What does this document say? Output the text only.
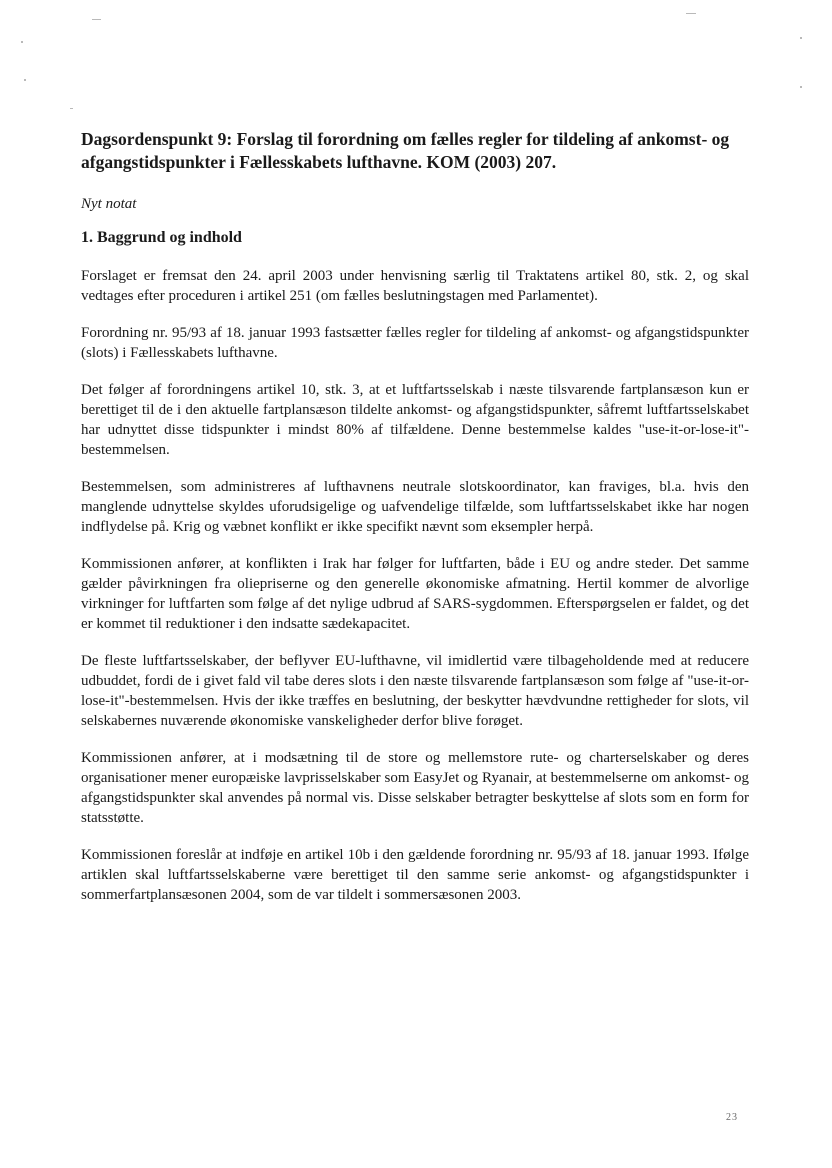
Dagsordenspunkt 9: Forslag til forordning om fælles regler for tildeling af ankomst- og afgangstidspunkter i Fællesskabets lufthavne. KOM (2003) 207.

Nyt notat

1. Baggrund og indhold

Forslaget er fremsat den 24. april 2003 under henvisning særlig til Traktatens artikel 80, stk. 2, og skal vedtages efter proceduren i artikel 251 (om fælles beslutningstagen med Parlamentet).

Forordning nr. 95/93 af 18. januar 1993 fastsætter fælles regler for tildeling af ankomst- og afgangstidspunkter (slots) i Fællesskabets lufthavne.

Det følger af forordningens artikel 10, stk. 3, at et luftfartsselskab i næste tilsvarende fartplansæson kun er berettiget til de i den aktuelle fartplansæson tildelte ankomst- og afgangstidspunkter, såfremt luftfartsselskabet har udnyttet disse tidspunkter i mindst 80% af tilfældene. Denne bestemmelse kaldes "use-it-or-lose-it"-bestemmelsen.

Bestemmelsen, som administreres af lufthavnens neutrale slotskoordinator, kan fraviges, bl.a. hvis den manglende udnyttelse skyldes uforudsigelige og uafvendelige tilfælde, som luftfartsselskabet ikke har nogen indflydelse på. Krig og væbnet konflikt er ikke specifikt nævnt som eksempler herpå.

Kommissionen anfører, at konflikten i Irak har følger for luftfarten, både i EU og andre steder. Det samme gælder påvirkningen fra oliepriserne og den generelle økonomiske afmatning. Hertil kommer de alvorlige virkninger for luftfarten som følge af det nylige udbrud af SARS-sygdommen. Efterspørgselen er faldet, og det er kommet til reduktioner i den indsatte sædekapacitet.

De fleste luftfartsselskaber, der beflyver EU-lufthavne, vil imidlertid være tilbageholdende med at reducere udbuddet, fordi de i givet fald vil tabe deres slots i den næste tilsvarende fartplansæson som følge af "use-it-or-lose-it"-bestemmelsen. Hvis der ikke træffes en beslutning, der beskytter hævdvundne rettigheder for slots, vil selskabernes nuværende økonomiske vanskeligheder derfor blive forøget.

Kommissionen anfører, at i modsætning til de store og mellemstore rute- og charterselskaber og deres organisationer mener europæiske lavprisselskaber som EasyJet og Ryanair, at bestemmelserne om ankomst- og afgangstidspunkter skal anvendes på normal vis. Disse selskaber betragter beskyttelse af slots som en form for statsstøtte.

Kommissionen foreslår at indføje en artikel 10b i den gældende forordning nr. 95/93 af 18. januar 1993. Ifølge artiklen skal luftfartsselskaberne være berettiget til den samme serie ankomst- og afgangstidspunkter i sommerfartplansæsonen 2004, som de var tildelt i sommersæsonen 2003.

23
